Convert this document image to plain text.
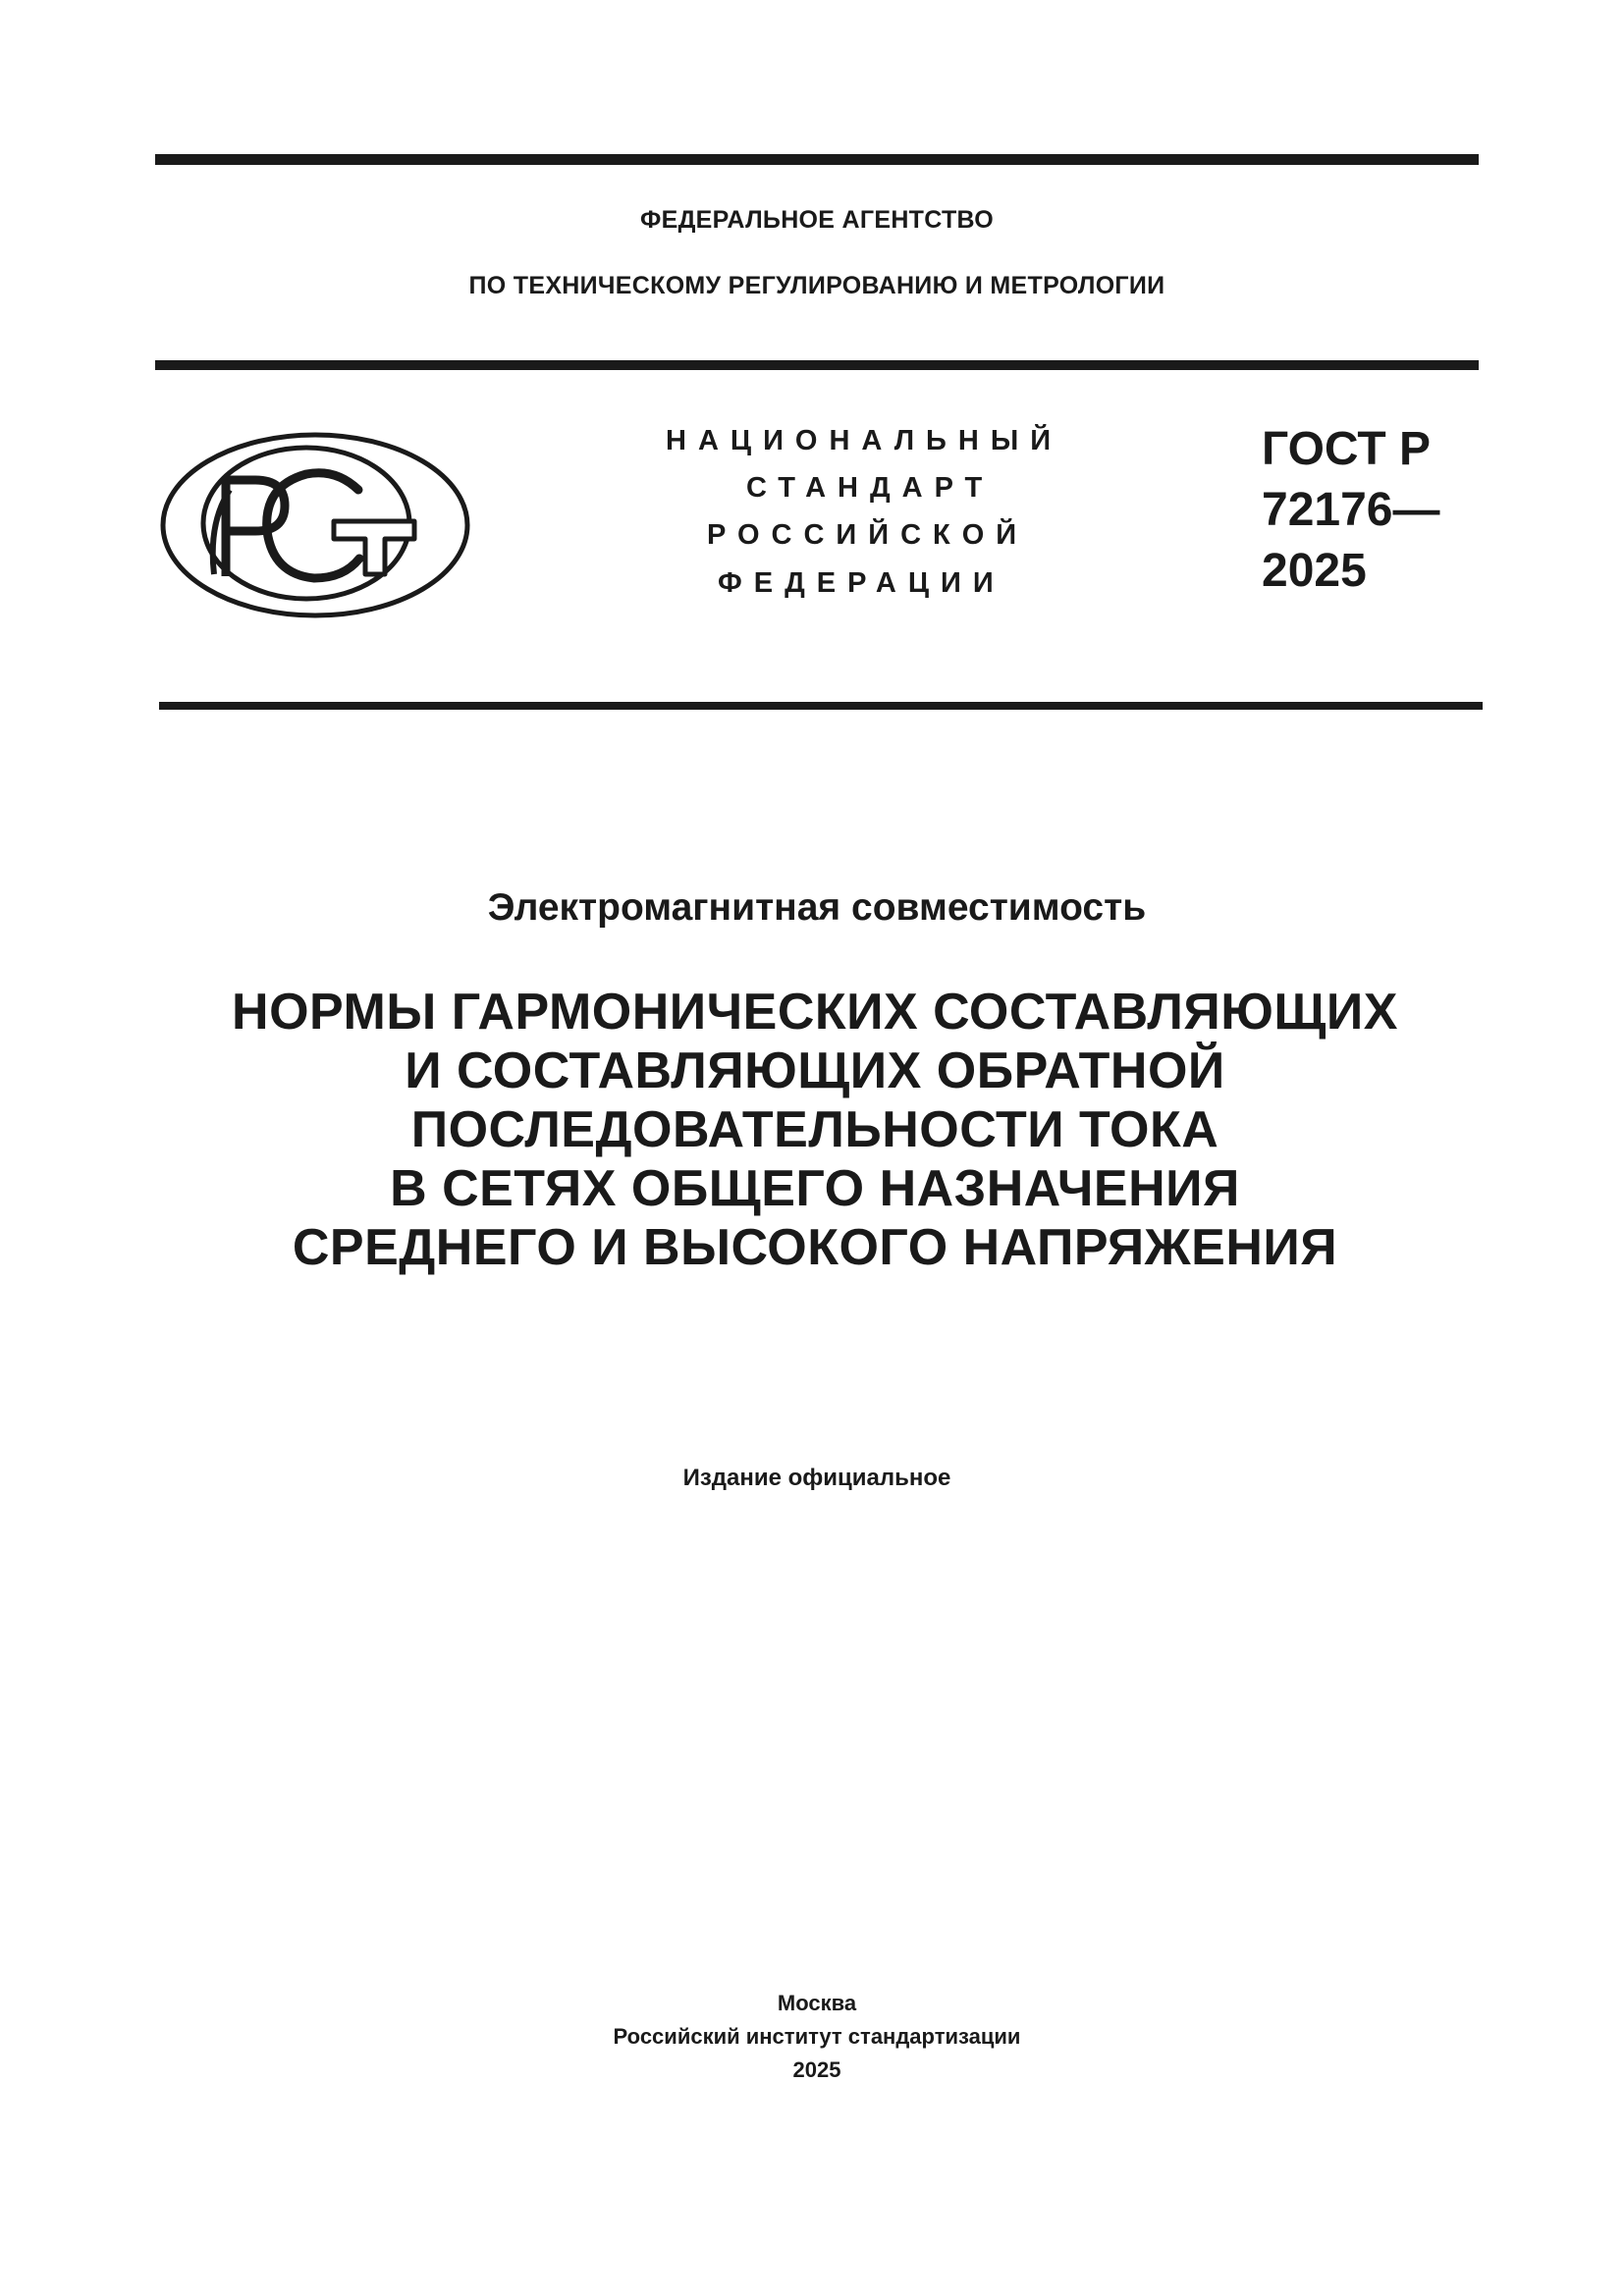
ФЕДЕРАЛЬНОЕ АГЕНТСТВО
ПО ТЕХНИЧЕСКОМУ РЕГУЛИРОВАНИЮ И МЕТРОЛОГИИ
НАЦИОНАЛЬНЫЙ
СТАНДАРТ
РОССИЙСКОЙ
ФЕДЕРАЦИИ
ГОСТ Р
72176—
2025
Электромагнитная совместимость
НОРМЫ ГАРМОНИЧЕСКИХ СОСТАВЛЯЮЩИХ
И СОСТАВЛЯЮЩИХ ОБРАТНОЙ
ПОСЛЕДОВАТЕЛЬНОСТИ ТОКА
В СЕТЯХ ОБЩЕГО НАЗНАЧЕНИЯ
СРЕДНЕГО И ВЫСОКОГО НАПРЯЖЕНИЯ
Издание официальное
Москва
Российский институт стандартизации
2025
